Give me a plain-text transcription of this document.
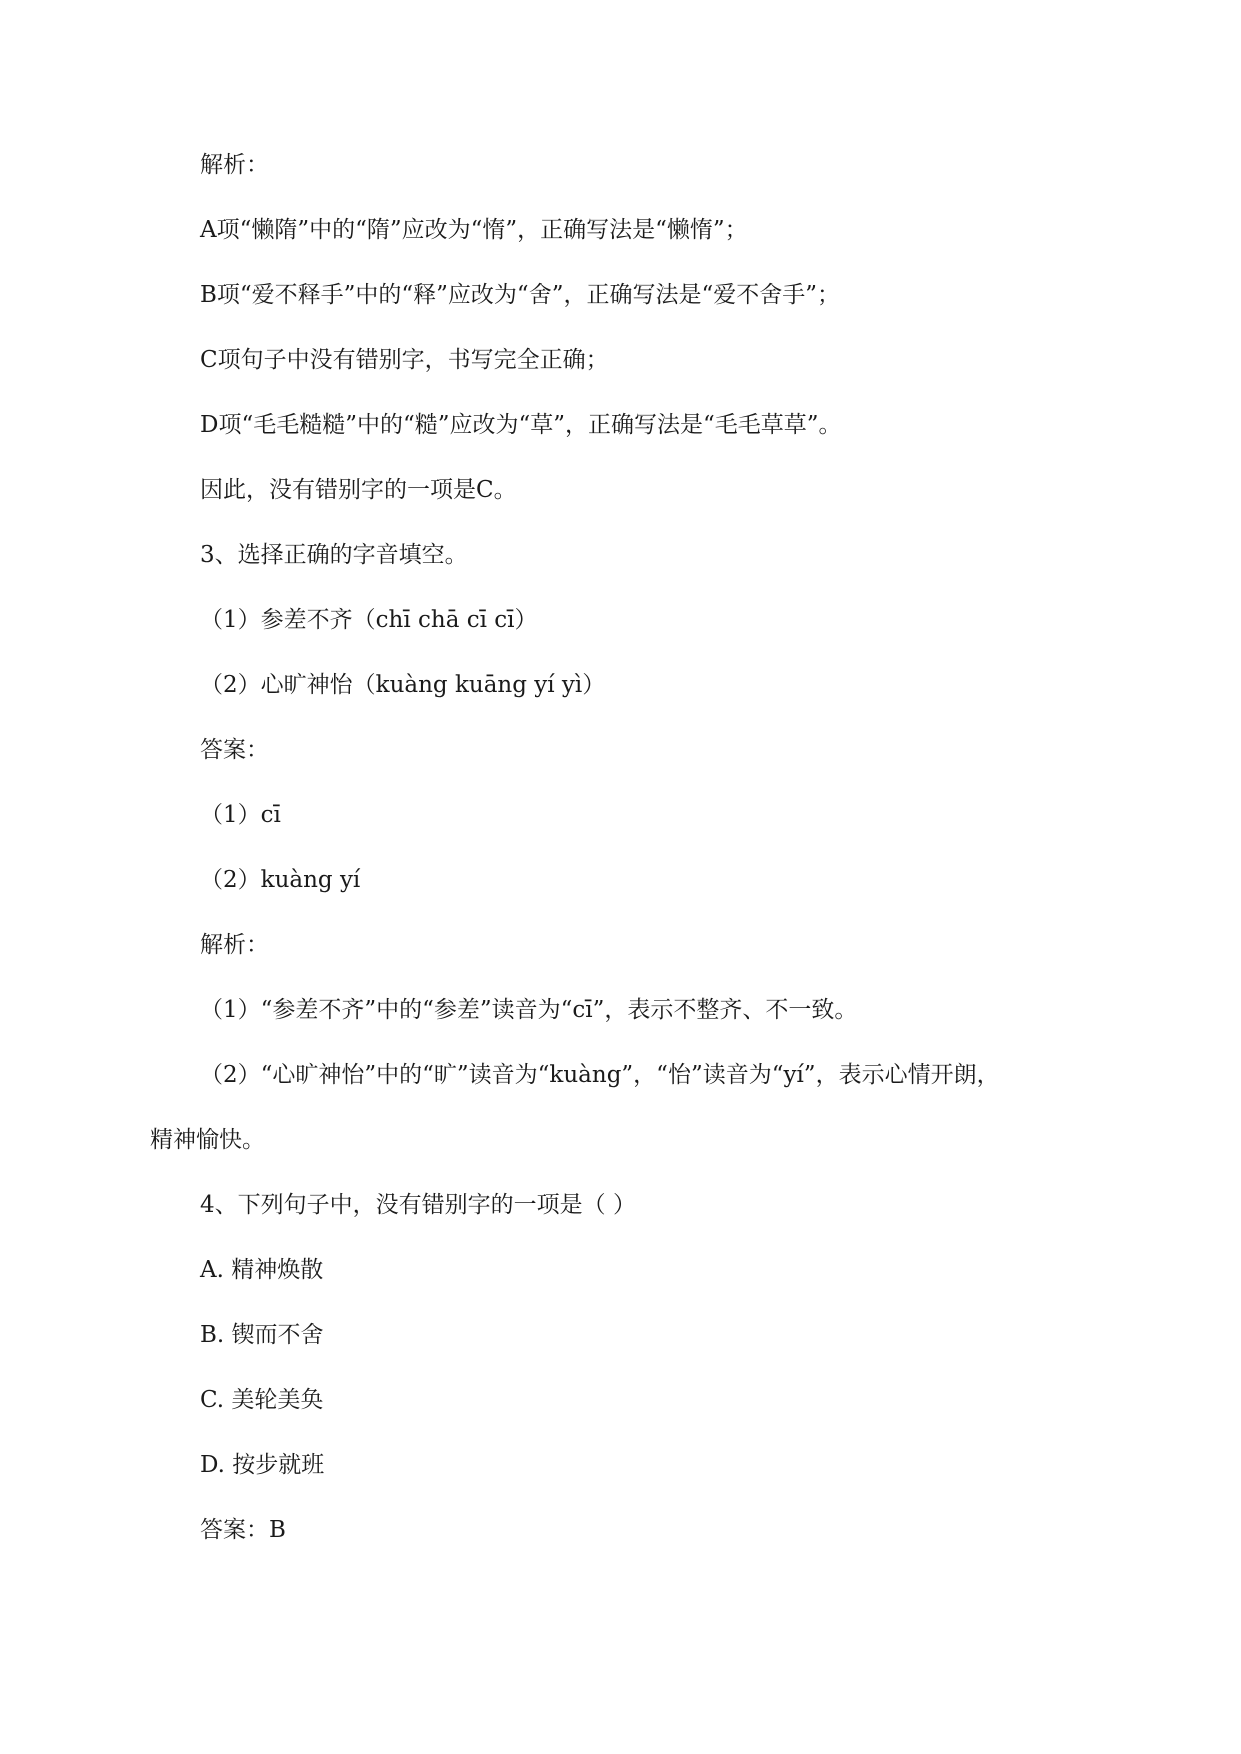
解析：
A项“懒隋”中的“隋”应改为“惰”，正确写法是“懒惰”；
B项“爱不释手”中的“释”应改为“舍”，正确写法是“爱不舍手”；
C项句子中没有错别字，书写完全正确；
D项“毛毛糙糙”中的“糙”应改为“草”，正确写法是“毛毛草草”。
因此，没有错别字的一项是C。
3、选择正确的字音填空。
（1）参差不齐（chī chā cī cī）
（2）心旷神怡（kuàng kuāng yí yì）
答案：
（1）cī
（2）kuàng yí
解析：
（1）“参差不齐”中的“参差”读音为“cī”，表示不整齐、不一致。
（2）“心旷神怡”中的“旷”读音为“kuàng”，“怡”读音为“yí”，表示心情开朗，
精神愉快。
4、下列句子中，没有错别字的一项是（ ）
A. 精神焕散
B. 锲而不舍
C. 美轮美奂
D. 按步就班
答案：B
